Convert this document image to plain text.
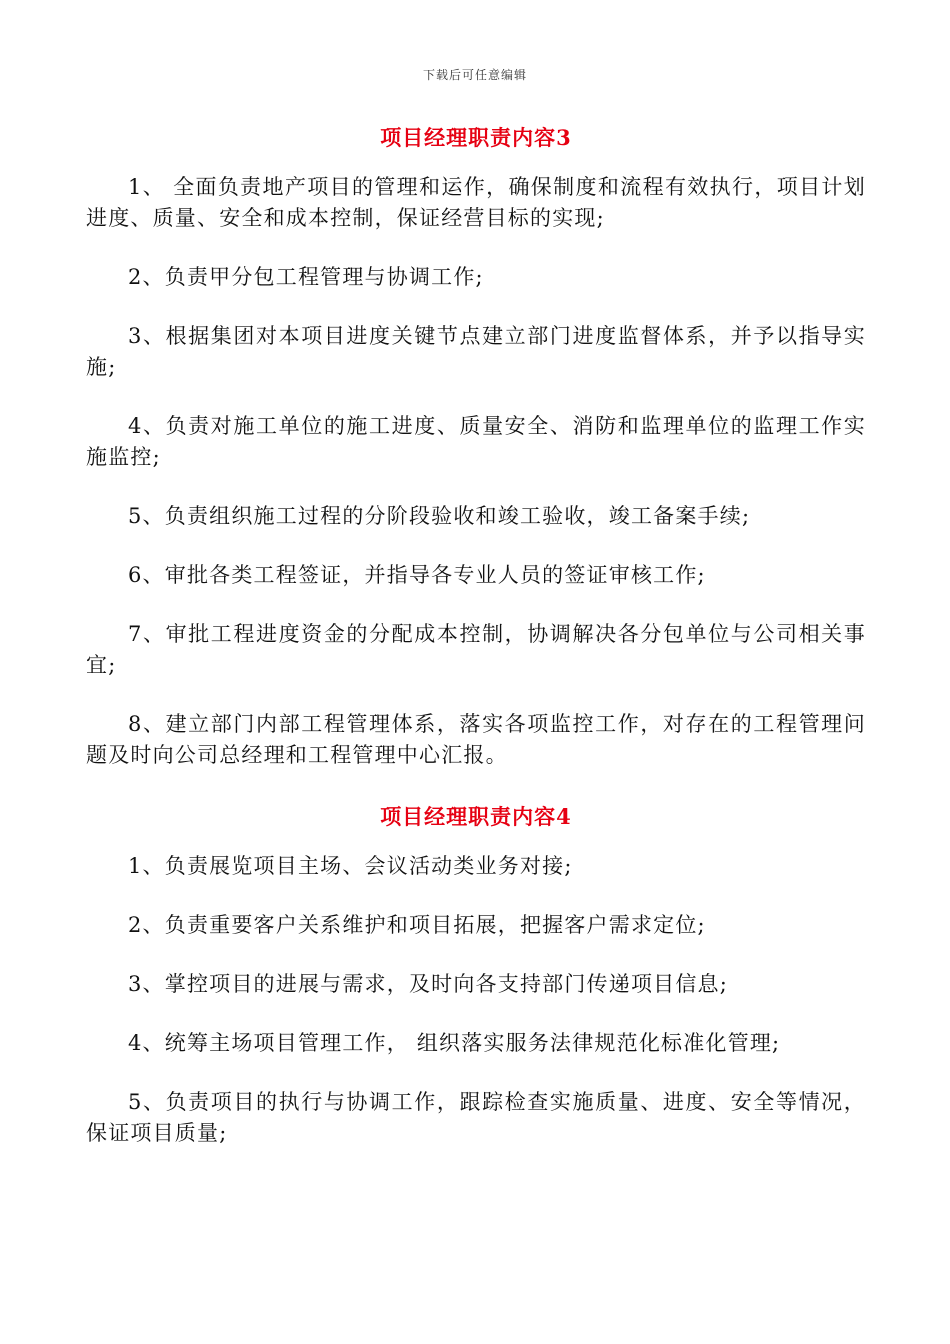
下载后可任意编辑
项目经理职责内容3

1、 全面负责地产项目的管理和运作，确保制度和流程有效执行，项目计划进度、质量、安全和成本控制，保证经营目标的实现;

2、负责甲分包工程管理与协调工作;

3、根据集团对本项目进度关键节点建立部门进度监督体系，并予以指导实施;

4、负责对施工单位的施工进度、质量安全、消防和监理单位的监理工作实施监控;

5、负责组织施工过程的分阶段验收和竣工验收，竣工备案手续;

6、审批各类工程签证，并指导各专业人员的签证审核工作;

7、审批工程进度资金的分配成本控制，协调解决各分包单位与公司相关事宜;

8、建立部门内部工程管理体系，落实各项监控工作，对存在的工程管理问题及时向公司总经理和工程管理中心汇报。

项目经理职责内容4

1、负责展览项目主场、会议活动类业务对接;

2、负责重要客户关系维护和项目拓展，把握客户需求定位;

3、掌控项目的进展与需求，及时向各支持部门传递项目信息;

4、统筹主场项目管理工作， 组织落实服务法律规范化标准化管理;

5、负责项目的执行与协调工作，跟踪检查实施质量、进度、安全等情况，保证项目质量;
